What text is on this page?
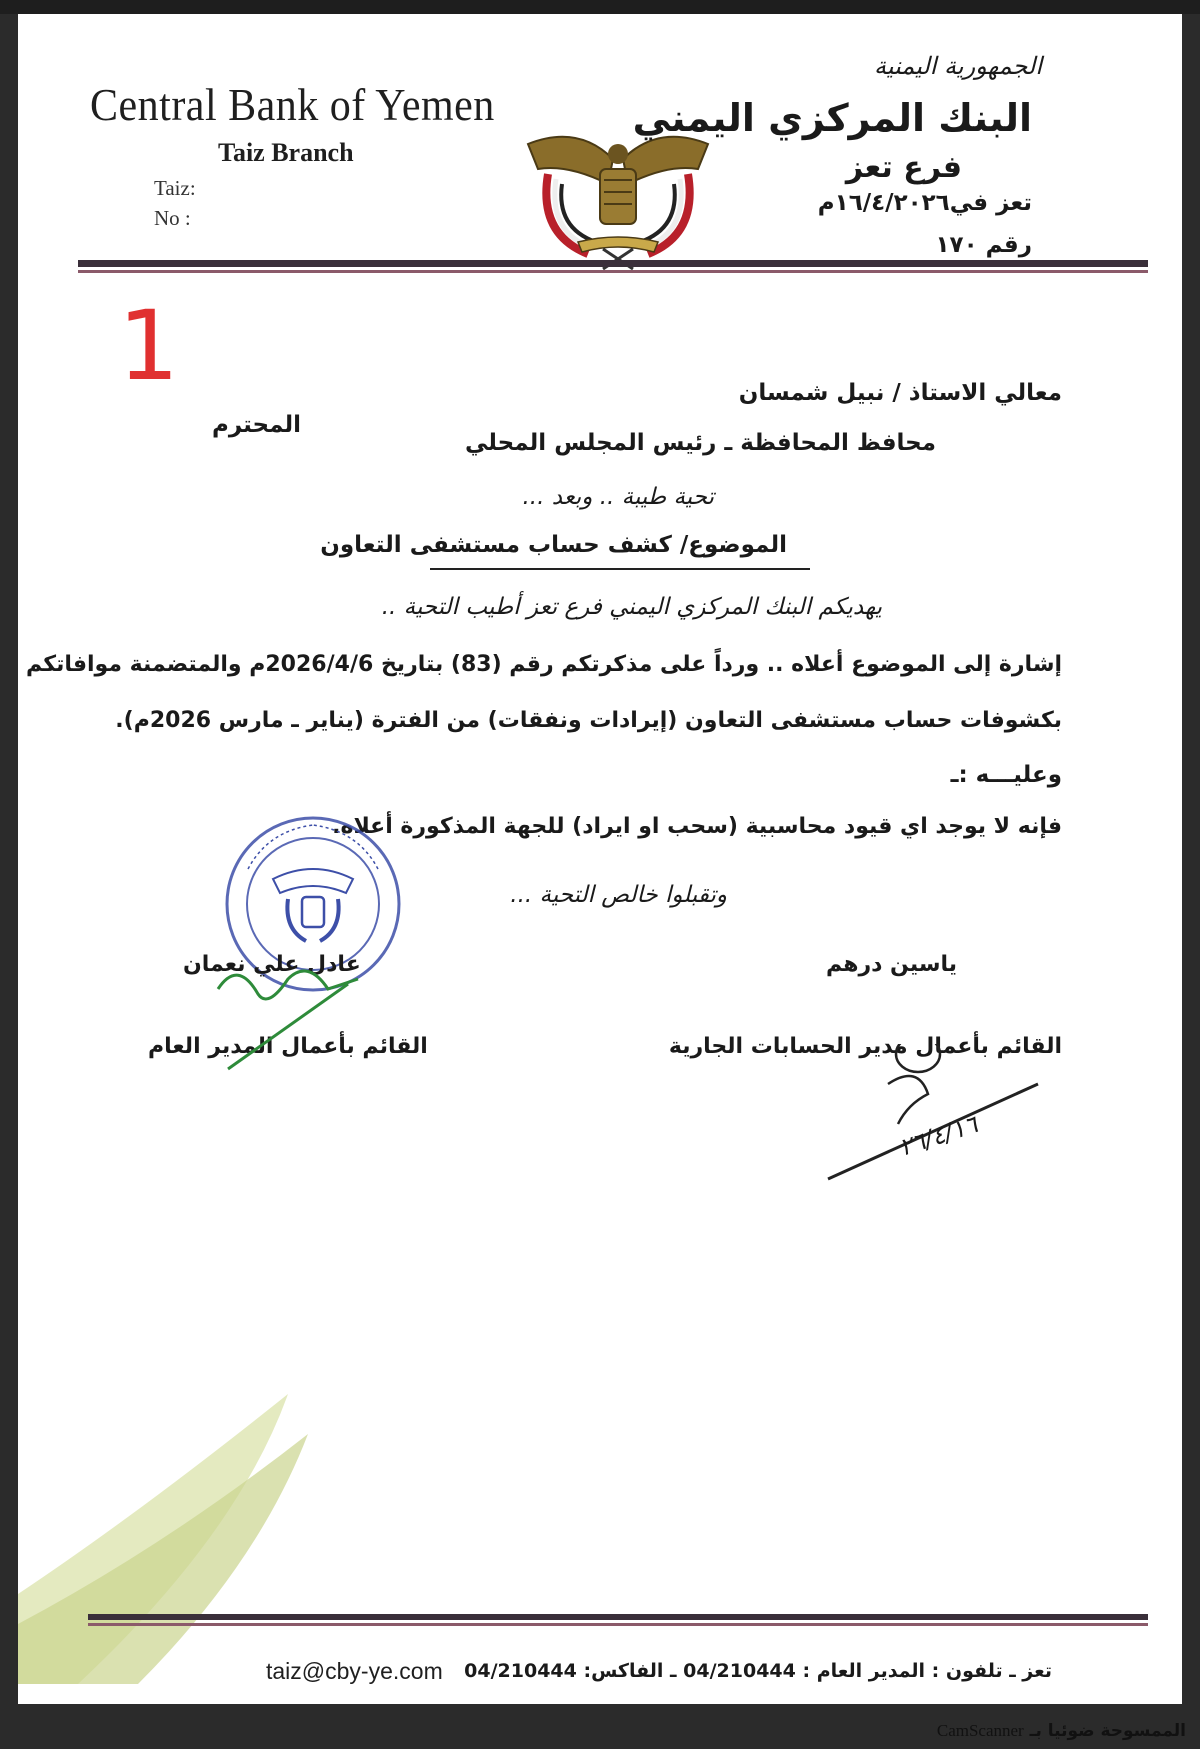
Central Bank of Yemen
Taiz Branch
Taiz:
No :
الجمهورية اليمنية
البنك المركزي اليمني
فرع تعز
تعز في١٦/٤/٢٠٢٦م
رقم ١٧٠
1	معالي الاستاذ / نبيل شمسان
محافظ المحافظة ـ رئيس المجلس المحلي
المحترم
تحية طيبة .. وبعد ...
الموضوع/ كشف حساب مستشفى التعاون
يهديكم البنك المركزي اليمني فرع تعز أطيب التحية ..
إشارة إلى الموضوع أعلاه .. ورداً على مذكرتكم رقم (83) بتاريخ 2026/4/6م والمتضمنة موافاتكم
بكشوفات حساب مستشفى التعاون (إيرادات ونفقات) من الفترة (يناير ـ مارس 2026م).
وعليـــه :ـ
فإنه لا يوجد اي قيود محاسبية (سحب او ايراد) للجهة المذكورة أعلاه.
وتقبلوا خالص التحية ...
ياسين درهم
القائم بأعمال مدير الحسابات الجارية
عادل علي نعمان
القائم بأعمال المدير العام
٢٦/٤/١٦
تعز ـ تلفون : المدير العام : 04/210444 ـ الفاكس: 04/210444
taiz@cby-ye.com
الممسوحة ضوئيا بـ CamScanner
